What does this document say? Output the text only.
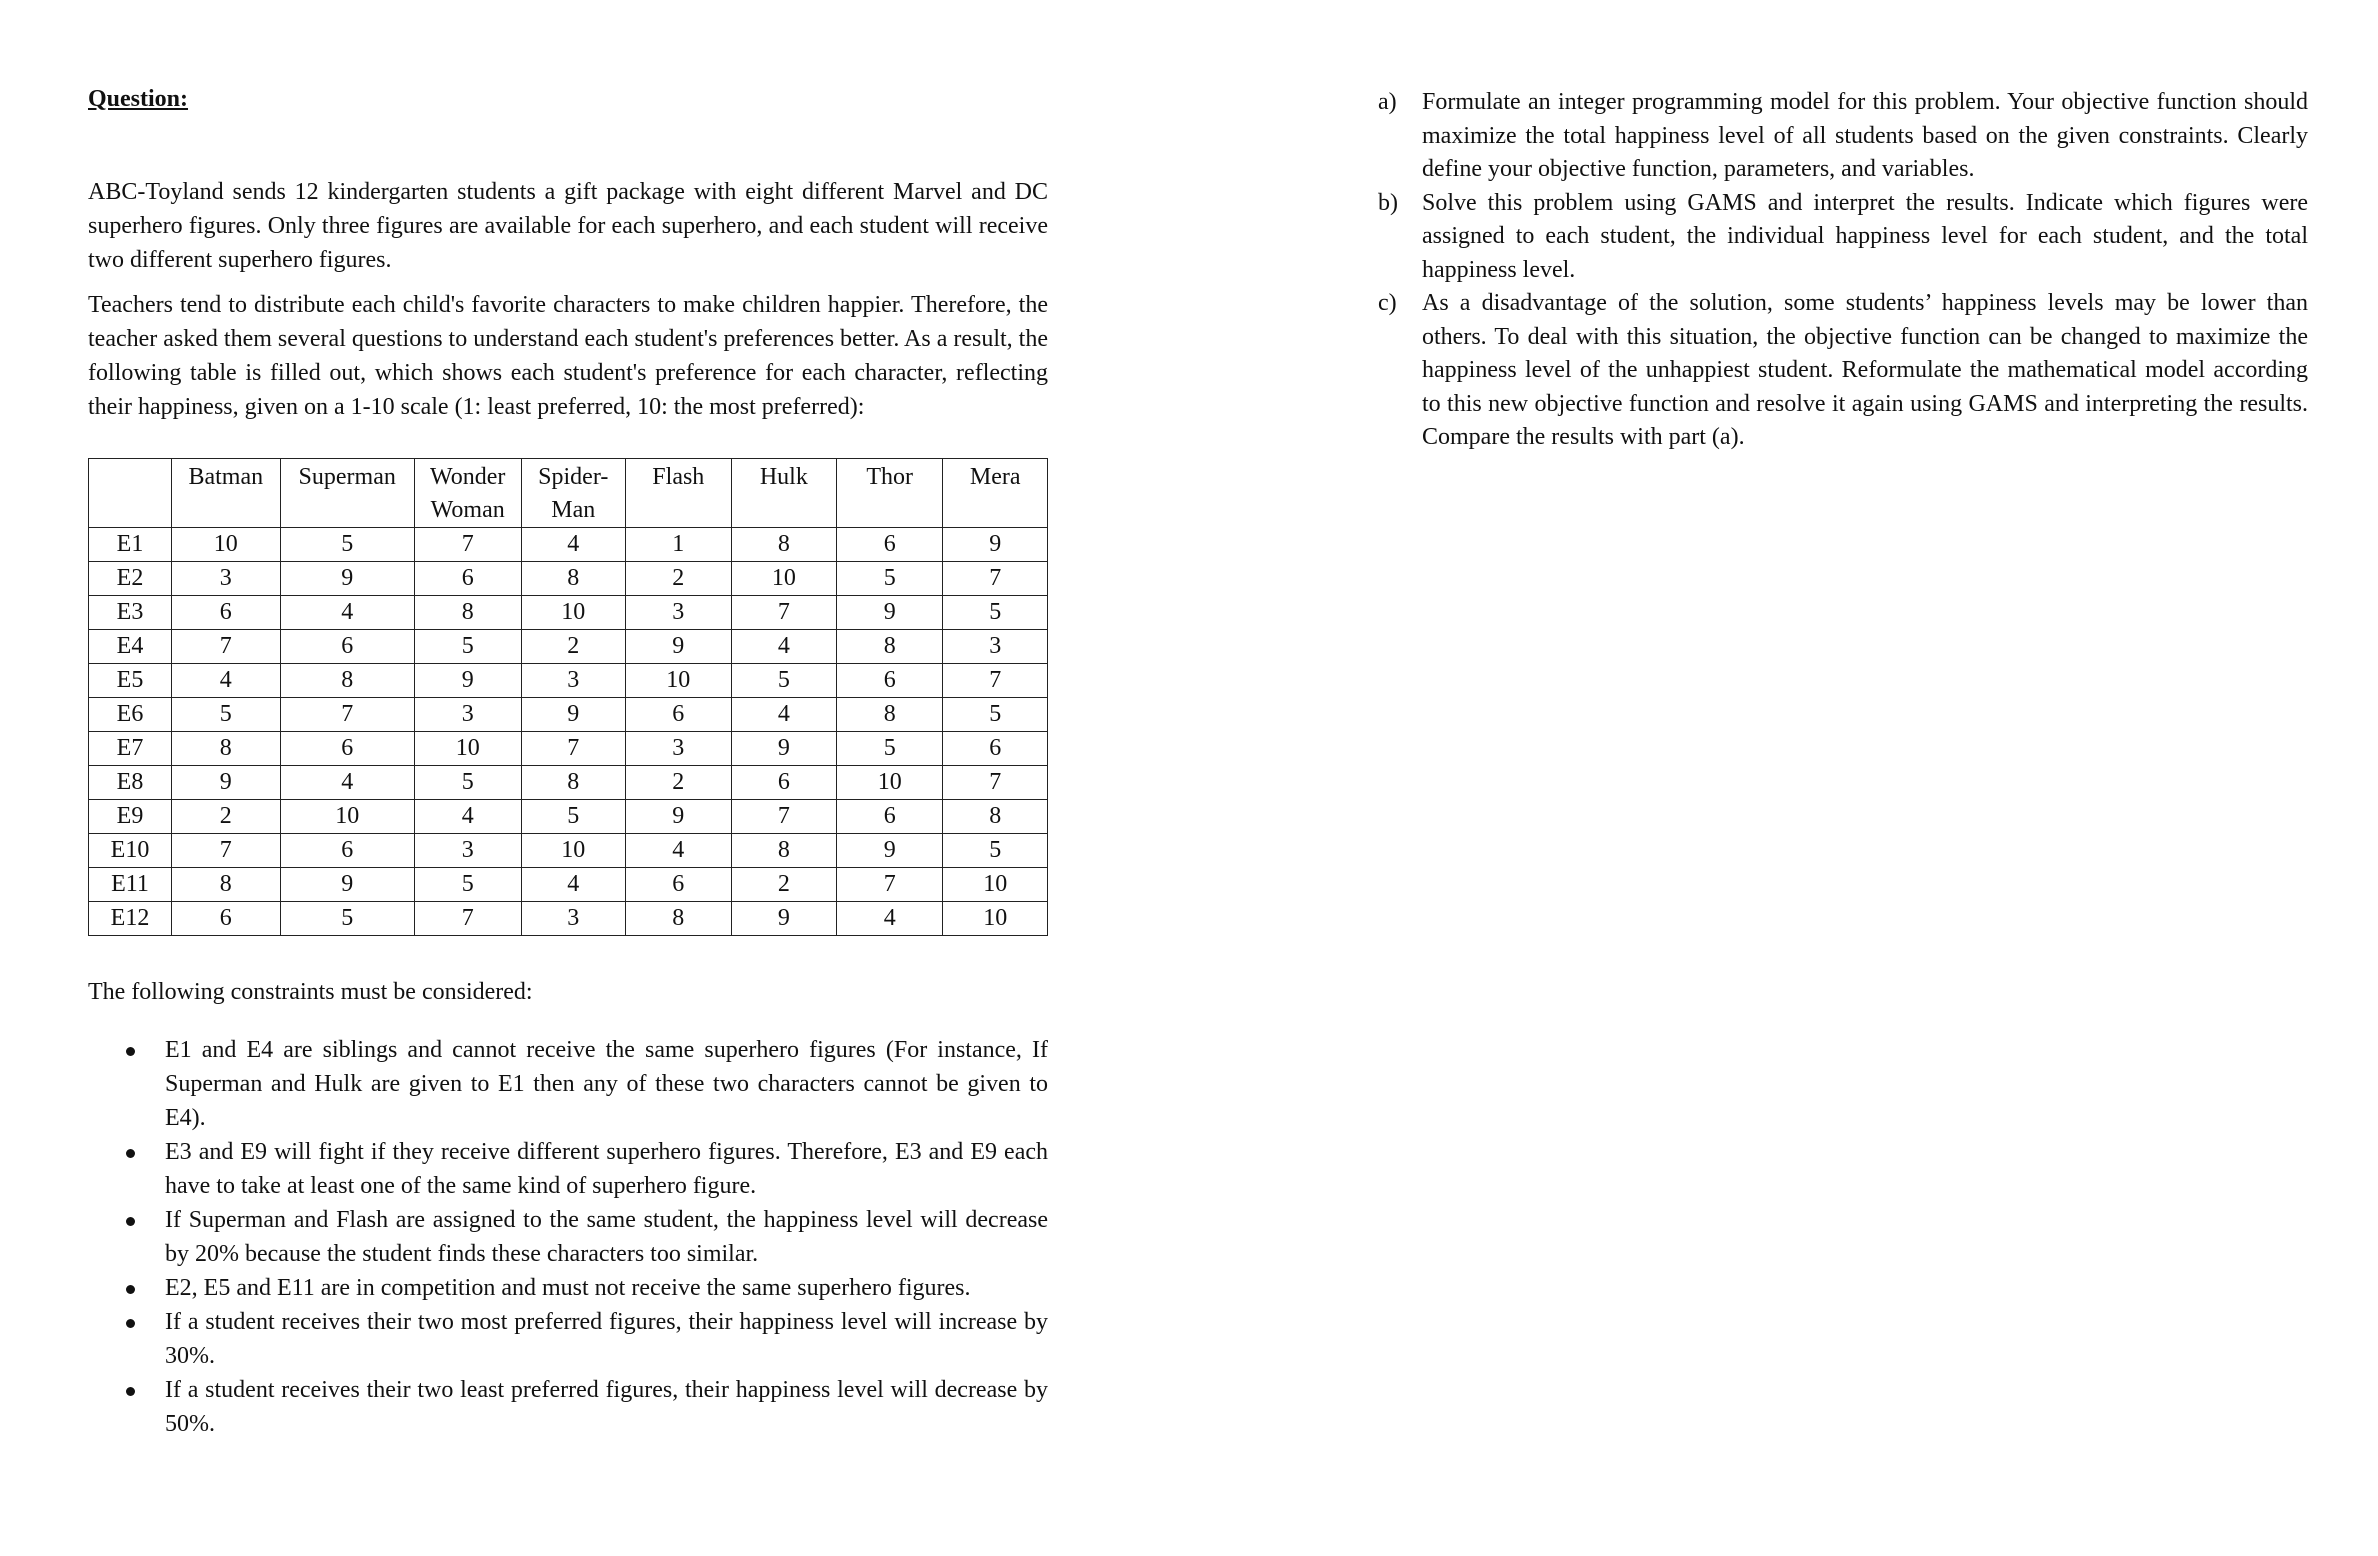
Question:

ABC-Toyland sends 12 kindergarten students a gift package with eight different Marvel and DC superhero figures. Only three figures are available for each superhero, and each student will receive two different superhero figures.

Teachers tend to distribute each child's favorite characters to make children happier. Therefore, the teacher asked them several questions to understand each student's preferences better. As a result, the following table is filled out, which shows each student's preference for each character, reflecting their happiness, given on a 1-10 scale (1: least preferred, 10: the most preferred):

	Batman	Superman	Wonder Woman	Spider-Man	Flash	Hulk	Thor	Mera
E1	10	5	7	4	1	8	6	9
E2	3	9	6	8	2	10	5	7
E3	6	4	8	10	3	7	9	5
E4	7	6	5	2	9	4	8	3
E5	4	8	9	3	10	5	6	7
E6	5	7	3	9	6	4	8	5
E7	8	6	10	7	3	9	5	6
E8	9	4	5	8	2	6	10	7
E9	2	10	4	5	9	7	6	8
E10	7	6	3	10	4	8	9	5
E11	8	9	5	4	6	2	7	10
E12	6	5	7	3	8	9	4	10
The following constraints must be considered:
E1 and E4 are siblings and cannot receive the same superhero figures (For instance, If Superman and Hulk are given to E1 then any of these two characters cannot be given to E4).
E3 and E9 will fight if they receive different superhero figures. Therefore, E3 and E9 each have to take at least one of the same kind of superhero figure.
If Superman and Flash are assigned to the same student, the happiness level will decrease by 20% because the student finds these characters too similar.
E2, E5 and E11 are in competition and must not receive the same superhero figures.
If a student receives their two most preferred figures, their happiness level will increase by 30%.
If a student receives their two least preferred figures, their happiness level will decrease by 50%.
a) Formulate an integer programming model for this problem. Your objective function should maximize the total happiness level of all students based on the given constraints. Clearly define your objective function, parameters, and variables.
b) Solve this problem using GAMS and interpret the results. Indicate which figures were assigned to each student, the individual happiness level for each student, and the total happiness level.
c) As a disadvantage of the solution, some students’ happiness levels may be lower than others. To deal with this situation, the objective function can be changed to maximize the happiness level of the unhappiest student. Reformulate the mathematical model according to this new objective function and resolve it again using GAMS and interpreting the results. Compare the results with part (a).
